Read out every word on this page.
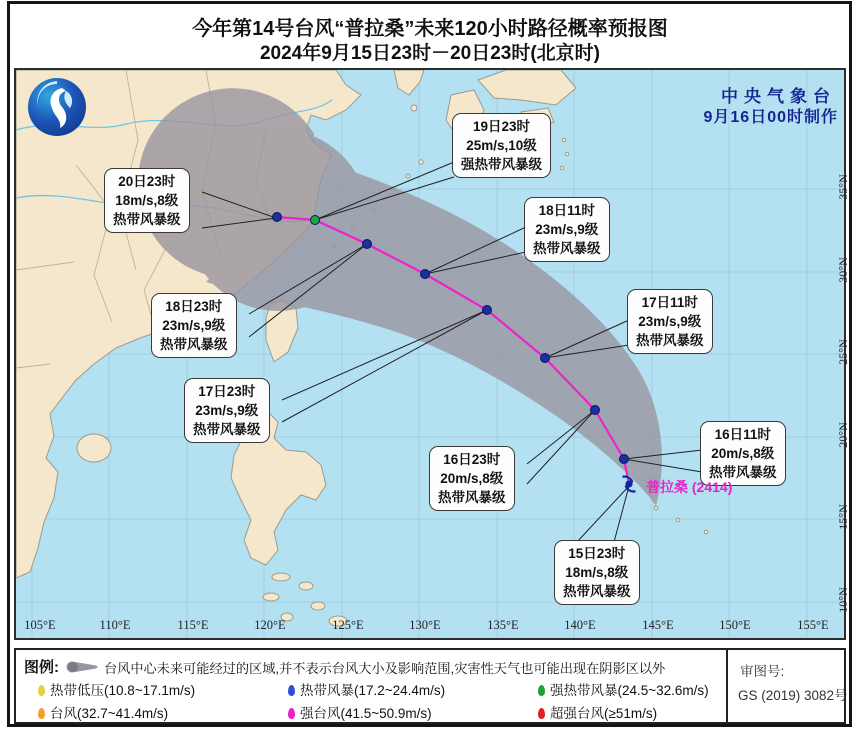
今年第14号台风“普拉桑”未来120小时路径概率预报图
2024年9月15日23时－20日23时(北京时)
中央气象台
9月16日00时制作
20日23时
18m/s,8级
热带风暴级
19日23时
25m/s,10级
强热带风暴级
18日11时
23m/s,9级
热带风暴级
17日11时
23m/s,9级
热带风暴级
16日11时
20m/s,8级
热带风暴级
18日23时
23m/s,9级
热带风暴级
17日23时
23m/s,9级
热带风暴级
16日23时
20m/s,8级
热带风暴级
15日23时
18m/s,8级
热带风暴级
普拉桑 (2414)
105°E	110°E	115°E	120°E	125°E	130°E	135°E	140°E	145°E	150°E	155°E
35°N
30°N
25°N
20°N
15°N
10°N
图例:	台风中心未来可能经过的区域,并不表示台风大小及影响范围,灾害性天气也可能出现在阴影区以外
热带低压(10.8~17.1m/s)	热带风暴(17.2~24.4m/s)	强热带风暴(24.5~32.6m/s)
台风(32.7~41.4m/s)	强台风(41.5~50.9m/s)	超强台风(≥51m/s)
审图号:
GS (2019) 3082号
